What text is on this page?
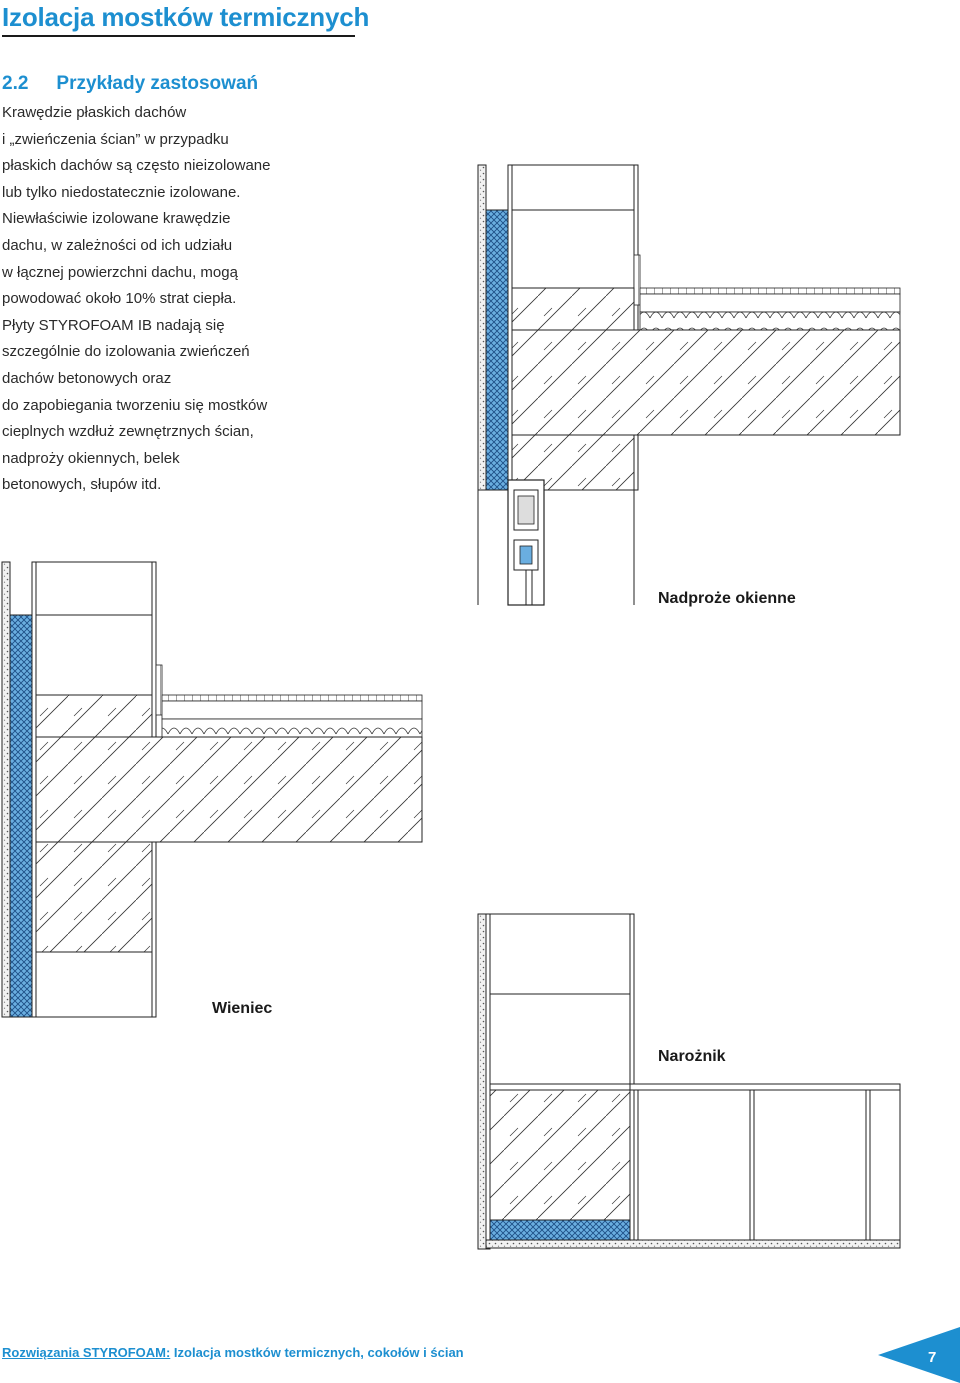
Izolacja mostków termicznych
2.2 Przykłady zastosowań
Krawędzie płaskich dachów
i „zwieńczenia ścian” w przypadku
płaskich dachów są często nieizolowane
lub tylko niedostatecznie izolowane.
Niewłaściwie izolowane krawędzie
dachu, w zależności od ich udziału
w łącznej powierzchni dachu, mogą
powodować około 10% strat ciepła.
Płyty STYROFOAM IB nadają się
szczególnie do izolowania zwieńczeń
dachów betonowych oraz
do zapobiegania tworzeniu się mostków
cieplnych wzdłuż zewnętrznych ścian,
nadproży okiennych, belek
betonowych, słupów itd.
Nadproże okienne
Wieniec
Narożnik
Rozwiązania STYROFOAM: Izolacja mostków termicznych, cokołów i ścian	7
